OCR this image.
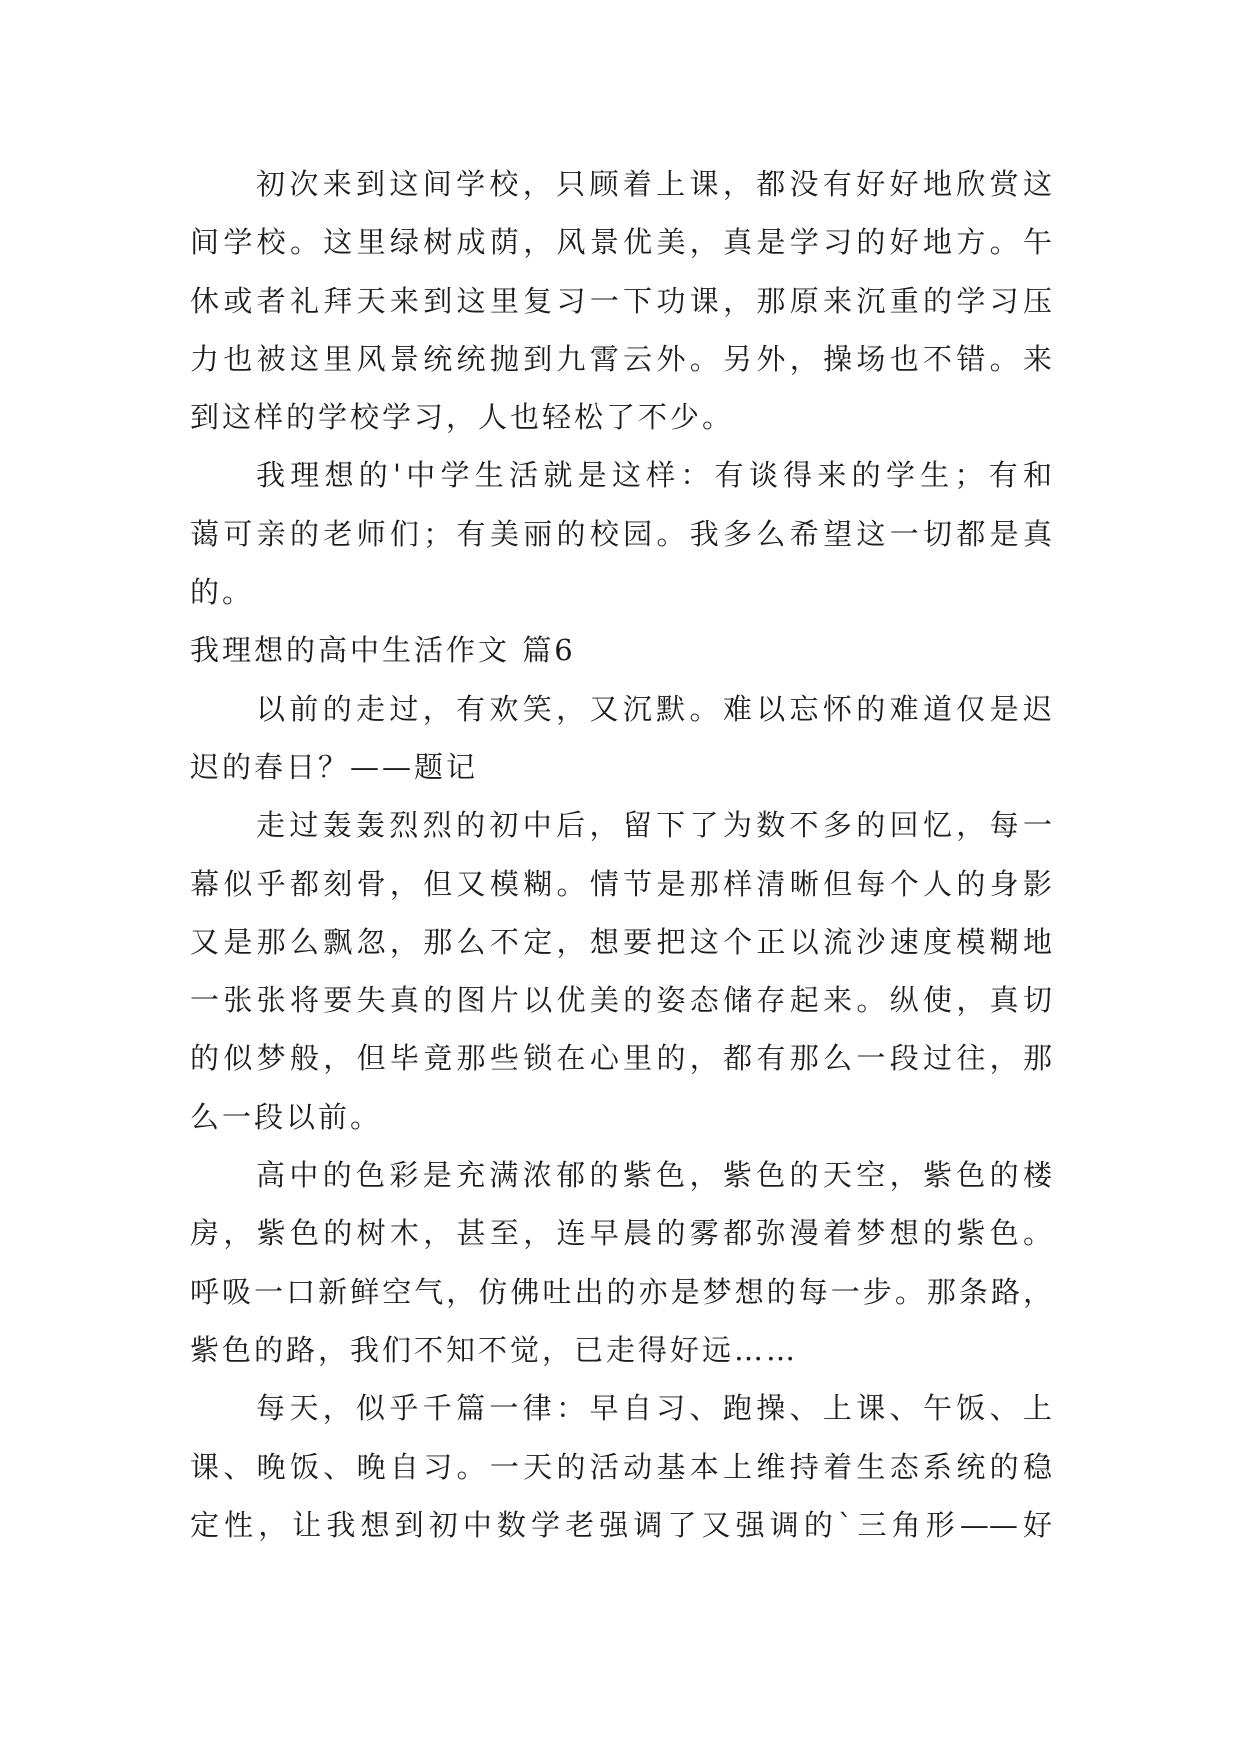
初次来到这间学校，只顾着上课，都没有好好地欣赏这
间学校。这里绿树成荫，风景优美，真是学习的好地方。午
休或者礼拜天来到这里复习一下功课，那原来沉重的学习压
力也被这里风景统统抛到九霄云外。另外，操场也不错。来
到这样的学校学习，人也轻松了不少。
我理想的'中学生活就是这样：有谈得来的学生；有和
蔼可亲的老师们；有美丽的校园。我多么希望这一切都是真
的。
我理想的高中生活作文 篇6
以前的走过，有欢笑，又沉默。难以忘怀的难道仅是迟
迟的春日？——题记
走过轰轰烈烈的初中后，留下了为数不多的回忆，每一
幕似乎都刻骨，但又模糊。情节是那样清晰但每个人的身影
又是那么飘忽，那么不定，想要把这个正以流沙速度模糊地
一张张将要失真的图片以优美的姿态储存起来。纵使，真切
的似梦般，但毕竟那些锁在心里的，都有那么一段过往，那
么一段以前。
高中的色彩是充满浓郁的紫色，紫色的天空，紫色的楼
房，紫色的树木，甚至，连早晨的雾都弥漫着梦想的紫色。
呼吸一口新鲜空气，仿佛吐出的亦是梦想的每一步。那条路，
紫色的路，我们不知不觉，已走得好远……
每天，似乎千篇一律：早自习、跑操、上课、午饭、上
课、晚饭、晚自习。一天的活动基本上维持着生态系统的稳
定性，让我想到初中数学老强调了又强调的`三角形——好
